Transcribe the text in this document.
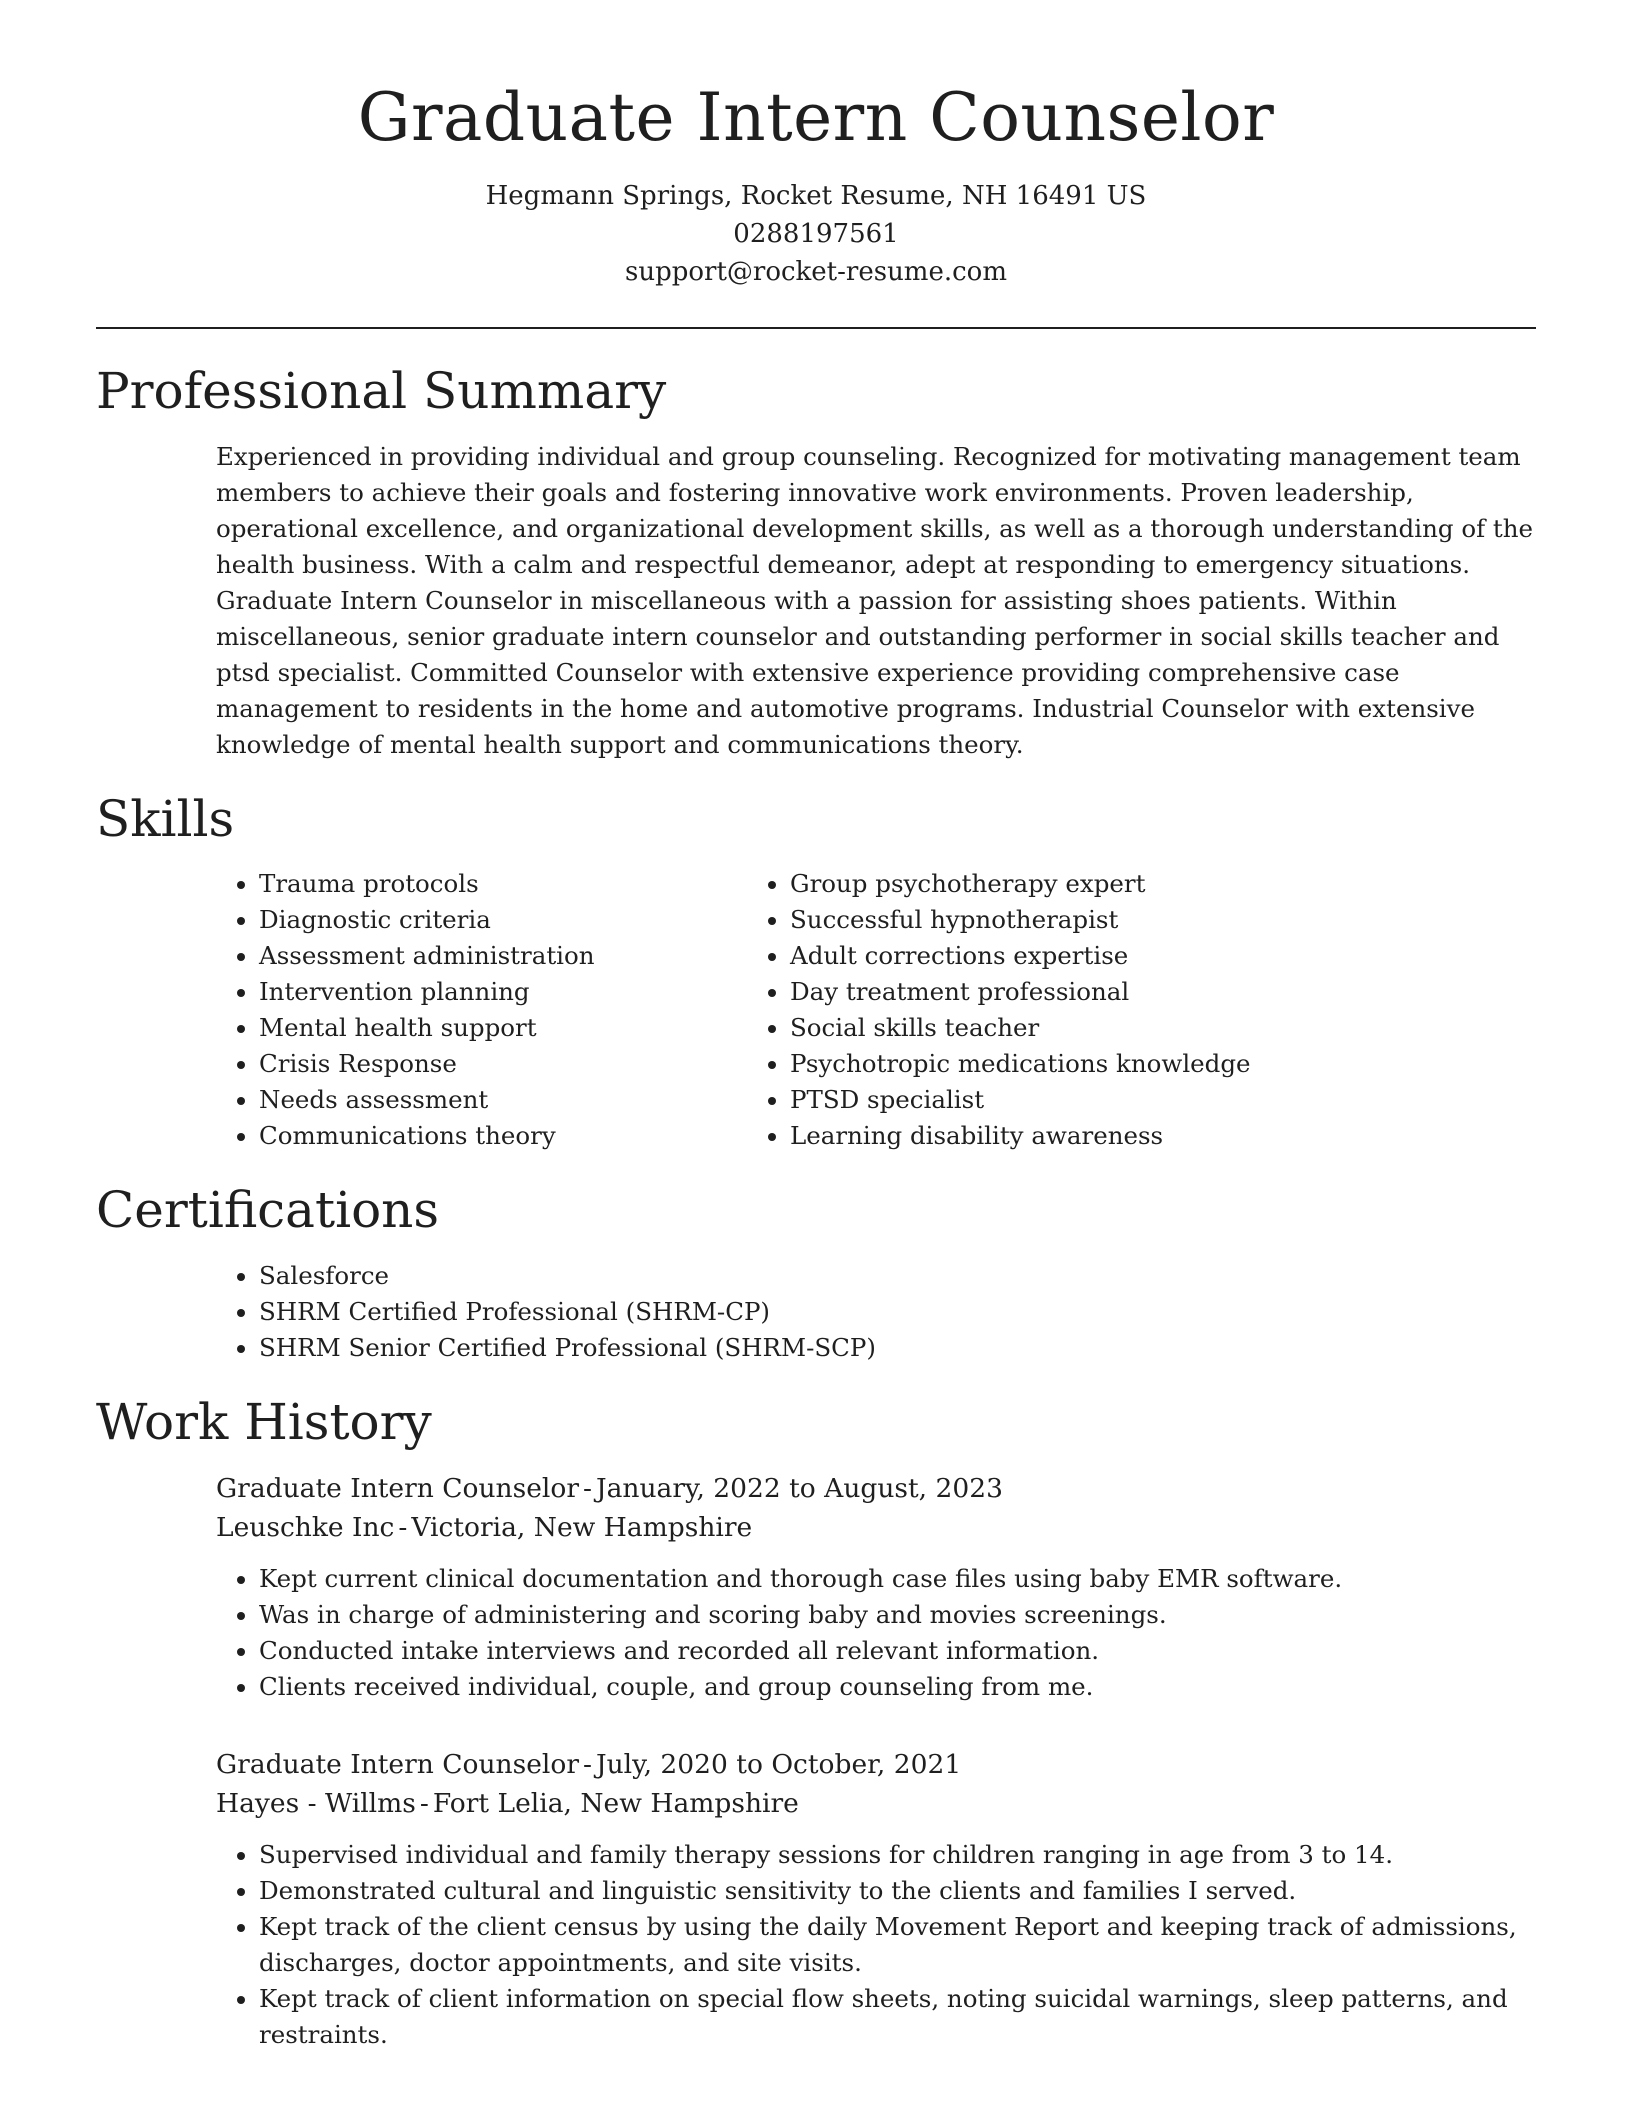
Graduate Intern Counselor
Hegmann Springs, Rocket Resume, NH 16491 US
0288197561
support@rocket-resume.com
Professional Summary

Experienced in providing individual and group counseling. Recognized for motivating management team members to achieve their goals and fostering innovative work environments. Proven leadership, operational excellence, and organizational development skills, as well as a thorough understanding of the health business. With a calm and respectful demeanor, adept at responding to emergency situations. Graduate Intern Counselor in miscellaneous with a passion for assisting shoes patients. Within miscellaneous, senior graduate intern counselor and outstanding performer in social skills teacher and ptsd specialist. Committed Counselor with extensive experience providing comprehensive case management to residents in the home and automotive programs. Industrial Counselor with extensive knowledge of mental health support and communications theory.

Skills
• Trauma protocols
• Diagnostic criteria
• Assessment administration
• Intervention planning
• Mental health support
• Crisis Response
• Needs assessment
• Communications theory
• Group psychotherapy expert
• Successful hypnotherapist
• Adult corrections expertise
• Day treatment professional
• Social skills teacher
• Psychotropic medications knowledge
• PTSD specialist
• Learning disability awareness
Certifications
• Salesforce
• SHRM Certified Professional (SHRM-CP)
• SHRM Senior Certified Professional (SHRM-SCP)
Work History
Graduate Intern Counselor - January, 2022 to August, 2023
Leuschke Inc - Victoria, New Hampshire
• Kept current clinical documentation and thorough case files using baby EMR software.
• Was in charge of administering and scoring baby and movies screenings.
• Conducted intake interviews and recorded all relevant information.
• Clients received individual, couple, and group counseling from me.
Graduate Intern Counselor - July, 2020 to October, 2021
Hayes - Willms - Fort Lelia, New Hampshire
• Supervised individual and family therapy sessions for children ranging in age from 3 to 14.
• Demonstrated cultural and linguistic sensitivity to the clients and families I served.
• Kept track of the client census by using the daily Movement Report and keeping track of admissions, discharges, doctor appointments, and site visits.
• Kept track of client information on special flow sheets, noting suicidal warnings, sleep patterns, and restraints.
